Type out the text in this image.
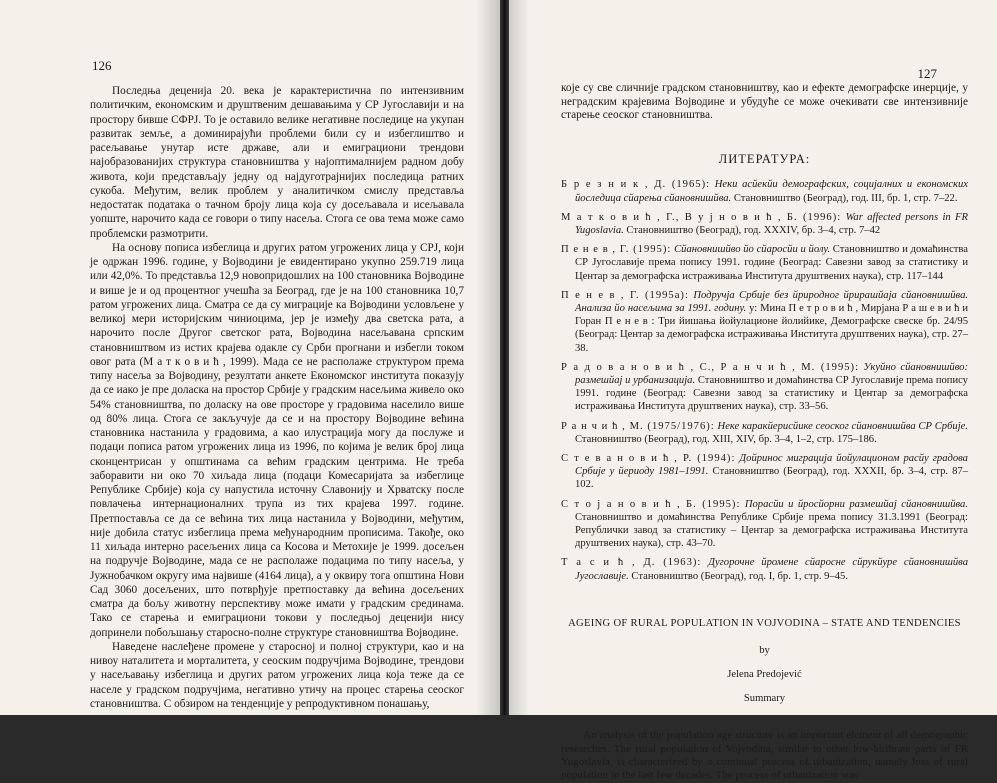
126

Последња деценија 20. века је карактеристична по интензивним политичким, економским и друштвеним дешавањима у СР Југославији и на простору бивше СФРЈ. То је оставило велике негативне последице на укупан развитак земље, а доминирајући проблеми били су и избеглиштво и расељавање унутар исте државе, али и емиграциони трендови најобразованијих структура становништва у најоптималнијем радном добу живота, који представљају једну од најдуготрајнијих последица ратних сукоба. Међутим, велик проблем у аналитичком смислу представља недостатак података о тачном броју лица која су досељавала и исељавала уопште, нарочито када се говори о типу насеља. Стога се ова тема може само проблемски размотрити.

На основу пописа избеглица и других ратом угрожених лица у СРЈ, који је одржан 1996. године, у Војводини је евидентирано укупно 259.719 лица или 42,0%. То представља 12,9 новопридошлих на 100 становника Војводине и више је и од процентног учешћа за Београд, где је на 100 становника 10,7 ратом угрожених лица. Сматра се да су миграције ка Војводини условљене у великој мери историјским чиниоцима, јер је између два светска рата, а нарочито после Другог светског рата, Војводина насељавана српским становништвом из истих крајева одакле су Срби прогнани и избегли током овог рата (М а т к о в и ћ , 1999). Мада се не располаже структуром према типу насеља за Војводину, резултати анкете Економског института показују да се иако је пре доласка на простор Србије у градским насељима живело око 54% становништва, по доласку на ове просторе у градовима населило више од 80% лица. Стога се закључује да се и на простору Војводине већина становника настанила у градовима, а као илустрација могу да послуже и подаци пописа ратом угрожених лица из 1996, по којима је велик број лица сконцентрисан у општинама са већим градским центрима. Не треба заборавити ни око 70 хиљада лица (подаци Комесаријата за избеглице Републике Србије) која су напустила источну Славонију и Хрватску после повлачења интернационалних трупа из тих крајева 1997. године. Претпоставља се да се већина тих лица настанила у Војводини, међутим, није добила статус избеглица према међународним прописима. Такође, око 11 хиљада интерно расељених лица са Косова и Метохије је 1999. досељен на подручје Војводине, мада се не располаже подацима по типу насеља, у Јужнобачком округу има највише (4164 лица), а у оквиру тога општина Нови Сад 3060 досељених, што потврђује претпоставку да већина досељених смaтра да бољу животну перспективу може имати у градским срединама. Тако се старења и емиграциони токови у последњој деценији нису допринели побољшању старосно-полне структуре становништва Војводине.

Наведене наслеђене промене у старосној и полној структури, као и на нивоу наталитета и морталитета, у сеоским подручјима Војводине, трендови у насељавању избеглица и других ратом угрожених лица која теже да се населе у градском подручјима, негативно утичу на процес старења сеоског становништва. С обзиром на тенденције у репродуктивном понашању,

127

које су све сличније градском становништву, као и ефекте демографске инерције, у неградским крајевима Војводине и убудуће се може очекивати све интензивније старење сеоског становништва.

ЛИТЕРАТУРА:
Б р е з н и к , Д. (1965): Неки асйекйи демографских, социјалних и економских йоследица сйарења сйановнишйва. Становништво (Београд), год. III, бр. 1, стр. 7–22.
М а т к о в и ћ , Г., В у ј н о в и ћ , Б. (1996): War affected persons in FR Yugoslavia. Становништво (Београд), год. XXXIV, бр. 3–4, стр. 7–42
П е н е в , Г. (1995): Сйановнишйво йо сйаросйи и йолу. Становништво и домаћинства СР Југославије према попису 1991. године (Београд: Савезни завод за статистику и Центар за демографска истраживања Института друштвених наука), стр. 117–144
П е н е в , Г. (1995а): Подручја Србије без йриродног йрирашйаја сйановнишйва. Анализа йо насељима за 1991. годину. у: Мина П е т р о в и ћ , Мирјана Р а ш е в и ћ и Горан П е н е в : Три йишања йойулационе йолийике, Демографске свеске бр. 24/95 (Београд: Центар за демографска истраживања Института друштвених наука), стр. 27–38.
Р а д о в а н о в и ћ , С., Р а н ч и ћ , М. (1995): Укуйно сйановнишйво: размешйај и урбанизација. Становништво и домаћинства СР Југославије према попису 1991. године (Београд: Савезни завод за статистику и Центар за демографска истраживања Института друштвених наука), стр. 33–56.
Р а н ч и ћ , М. (1975/1976): Неке каракйерисйике сеоског сйановнишйва СР Србије. Становништво (Београд), год. XIII, XIV, бр. 3–4, 1–2, стр. 175–186.
С т е в а н о в и ћ , Р. (1994): Дойринос миграција йойулационом расйу градова Србије у йериоду 1981–1991. Становништво (Београд), год. XXXII, бр. 3–4, стр. 87–102.
С т о ј а н о в и ћ , Б. (1995): Порасйи и йросйорни размешйај сйановнишйва. Становништво и домаћинства Републике Србије према попису 31.3.1991 (Београд: Републички завод за статистику – Центар за демографска истраживања Института друштвених наука), стр. 43–70.
Т а с и ћ , Д. (1963): Дугорочне йромене сйаросне сйрукйуре сйановнишйва Југославије. Становништво (Београд), год. I, бр. 1, стр. 9–45.
AGEING OF RURAL POPULATION IN VOJVODINA – STATE AND TENDENCIES
by
Jelena Predojević
Summary

An analysis of the population age structure is an important element of all demographic researches. The rural population of Vojvodina, similar to other low-birthrate parts of FR Yugoslavia, is characterized by a continual process of urbanization, namely loss of rural population in the last few decades. The process of urbanization was
